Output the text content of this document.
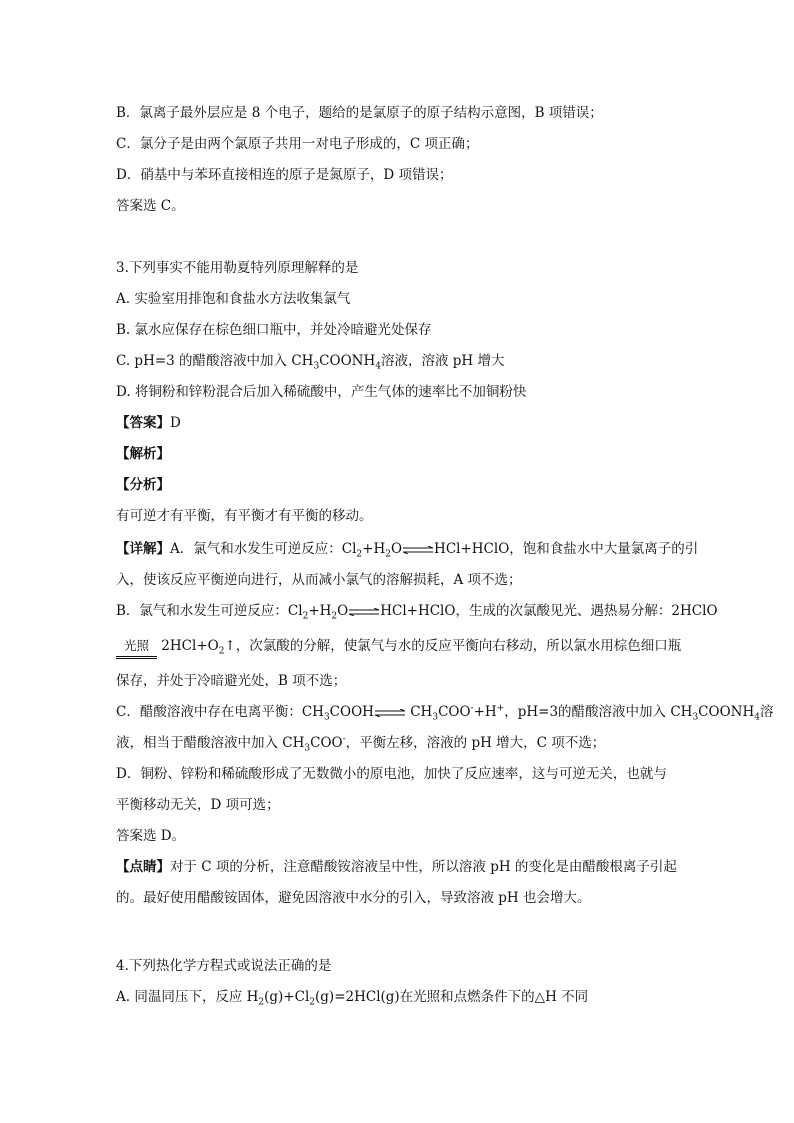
B．氯离子最外层应是 8 个电子，题给的是氯原子的原子结构示意图，B 项错误；
C．氯分子是由两个氯原子共用一对电子形成的，C 项正确；
D．硝基中与苯环直接相连的原子是氮原子，D 项错误；
答案选 C。
3.下列事实不能用勒夏特列原理解释的是
A. 实验室用排饱和食盐水方法收集氯气
B. 氯水应保存在棕色细口瓶中，并处冷暗避光处保存
C. pH=3 的醋酸溶液中加入 $CH_3COONH_4$溶液，溶液 pH 增大
D. 将铜粉和锌粉混合后加入稀硫酸中，产生气体的速率比不加铜粉快
【答案】D
【解析】
【分析】
有可逆才有平衡，有平衡才有平衡的移动。
【详解】A．氯气和水发生可逆反应：$Cl_2+H_2O\rightleftharpoons HCl+HClO$，饱和食盐水中大量氯离子的引
入，使该反应平衡逆向进行，从而减小氯气的溶解损耗，A 项不选；
B．氯气和水发生可逆反应：$Cl_2+H_2O\rightleftharpoons HCl+HClO$，生成的次氯酸见光、遇热易分解：2HClO
光照 $2HCl+O_2↑$，次氯酸的分解，使氯气与水的反应平衡向右移动，所以氯水用棕色细口瓶
保存，并处于冷暗避光处，B 项不选；
C．醋酸溶液中存在电离平衡：$CH_3COOH\rightleftharpoons$ $CH_3COO^-+H^+$，pH=3的醋酸溶液中加入 $CH_3COONH_4$溶
液，相当于醋酸溶液中加入 $CH_3COO^-$，平衡左移，溶液的 pH 增大，C 项不选；
D．铜粉、锌粉和稀硫酸形成了无数微小的原电池，加快了反应速率，这与可逆无关，也就与
平衡移动无关，D 项可选；
答案选 D。
【点睛】对于 C 项的分析，注意醋酸铵溶液呈中性，所以溶液 pH 的变化是由醋酸根离子引起
的。最好使用醋酸铵固体，避免因溶液中水分的引入，导致溶液 pH 也会增大。
4.下列热化学方程式或说法正确的是
A. 同温同压下，反应 $H_2(g)+Cl_2(g)=2HCl(g)$在光照和点燃条件下的△H 不同
